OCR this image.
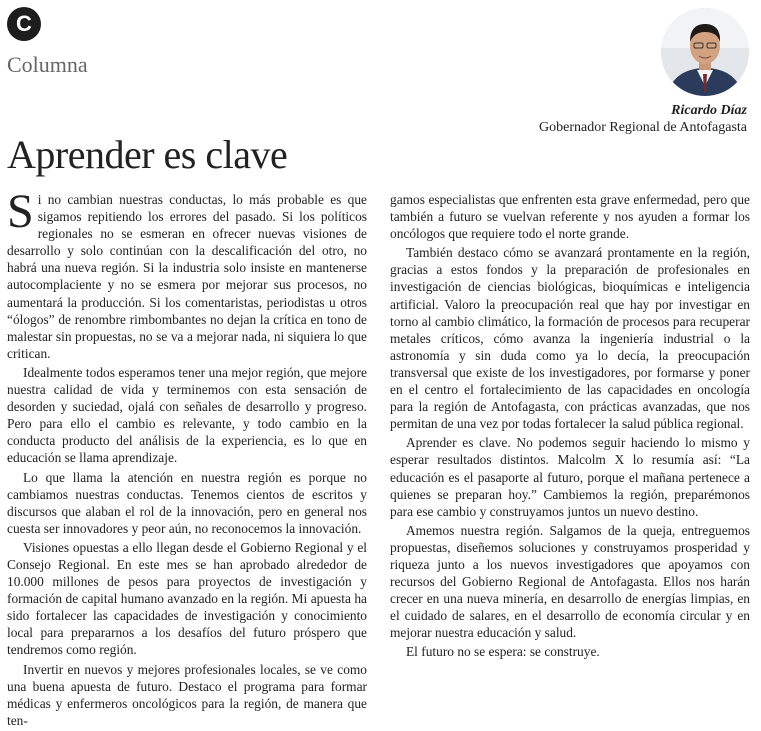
C
Columna
Ricardo Díaz
Gobernador Regional de Antofagasta
Aprender es clave

Si no cambian nuestras conductas, lo más probable es que sigamos repitiendo los errores del pasado. Si los políticos regionales no se esmeran en ofrecer nuevas visiones de desarrollo y solo continúan con la descalificación del otro, no habrá una nueva región. Si la industria solo insiste en mantenerse autocomplaciente y no se esmera por mejorar sus procesos, no aumentará la producción. Si los comentaristas, periodistas u otros “ólogos” de renombre rimbombantes no dejan la crítica en tono de malestar sin propuestas, no se va a mejorar nada, ni siquiera lo que critican.

Idealmente todos esperamos tener una mejor región, que mejore nuestra calidad de vida y terminemos con esta sensación de desorden y suciedad, ojalá con señales de desarrollo y progreso. Pero para ello el cambio es relevante, y todo cambio en la conducta producto del análisis de la experiencia, es lo que en educación se llama aprendizaje.

Lo que llama la atención en nuestra región es porque no cambiamos nuestras conductas. Tenemos cientos de escritos y discursos que alaban el rol de la innovación, pero en general nos cuesta ser innovadores y peor aún, no reconocemos la innovación.

Visiones opuestas a ello llegan desde el Gobierno Regional y el Consejo Regional. En este mes se han aprobado alrededor de 10.000 millones de pesos para proyectos de investigación y formación de capital humano avanzado en la región. Mi apuesta ha sido fortalecer las capacidades de investigación y conocimiento local para prepararnos a los desafíos del futuro próspero que tendremos como región.

Invertir en nuevos y mejores profesionales locales, se ve como una buena apuesta de futuro. Destaco el programa para formar médicas y enfermeros oncológicos para la región, de manera que ten-

gamos especialistas que enfrenten esta grave enfermedad, pero que también a futuro se vuelvan referente y nos ayuden a formar los oncólogos que requiere todo el norte grande.

También destaco cómo se avanzará prontamente en la región, gracias a estos fondos y la preparación de profesionales en investigación de ciencias biológicas, bioquímicas e inteligencia artificial. Valoro la preocupación real que hay por investigar en torno al cambio climático, la formación de procesos para recuperar metales críticos, cómo avanza la ingeniería industrial o la astronomía y sin duda como ya lo decía, la preocupación transversal que existe de los investigadores, por formarse y poner en el centro el fortalecimiento de las capacidades en oncología para la región de Antofagasta, con prácticas avanzadas, que nos permitan de una vez por todas fortalecer la salud pública regional.

Aprender es clave. No podemos seguir haciendo lo mismo y esperar resultados distintos. Malcolm X lo resumía así: “La educación es el pasaporte al futuro, porque el mañana pertenece a quienes se preparan hoy.” Cambiemos la región, preparémonos para ese cambio y construyamos juntos un nuevo destino.

Amemos nuestra región. Salgamos de la queja, entreguemos propuestas, diseñemos soluciones y construyamos prosperidad y riqueza junto a los nuevos investigadores que apoyamos con recursos del Gobierno Regional de Antofagasta. Ellos nos harán crecer en una nueva minería, en desarrollo de energías limpias, en el cuidado de salares, en el desarrollo de economía circular y en mejorar nuestra educación y salud.

El futuro no se espera: se construye.
